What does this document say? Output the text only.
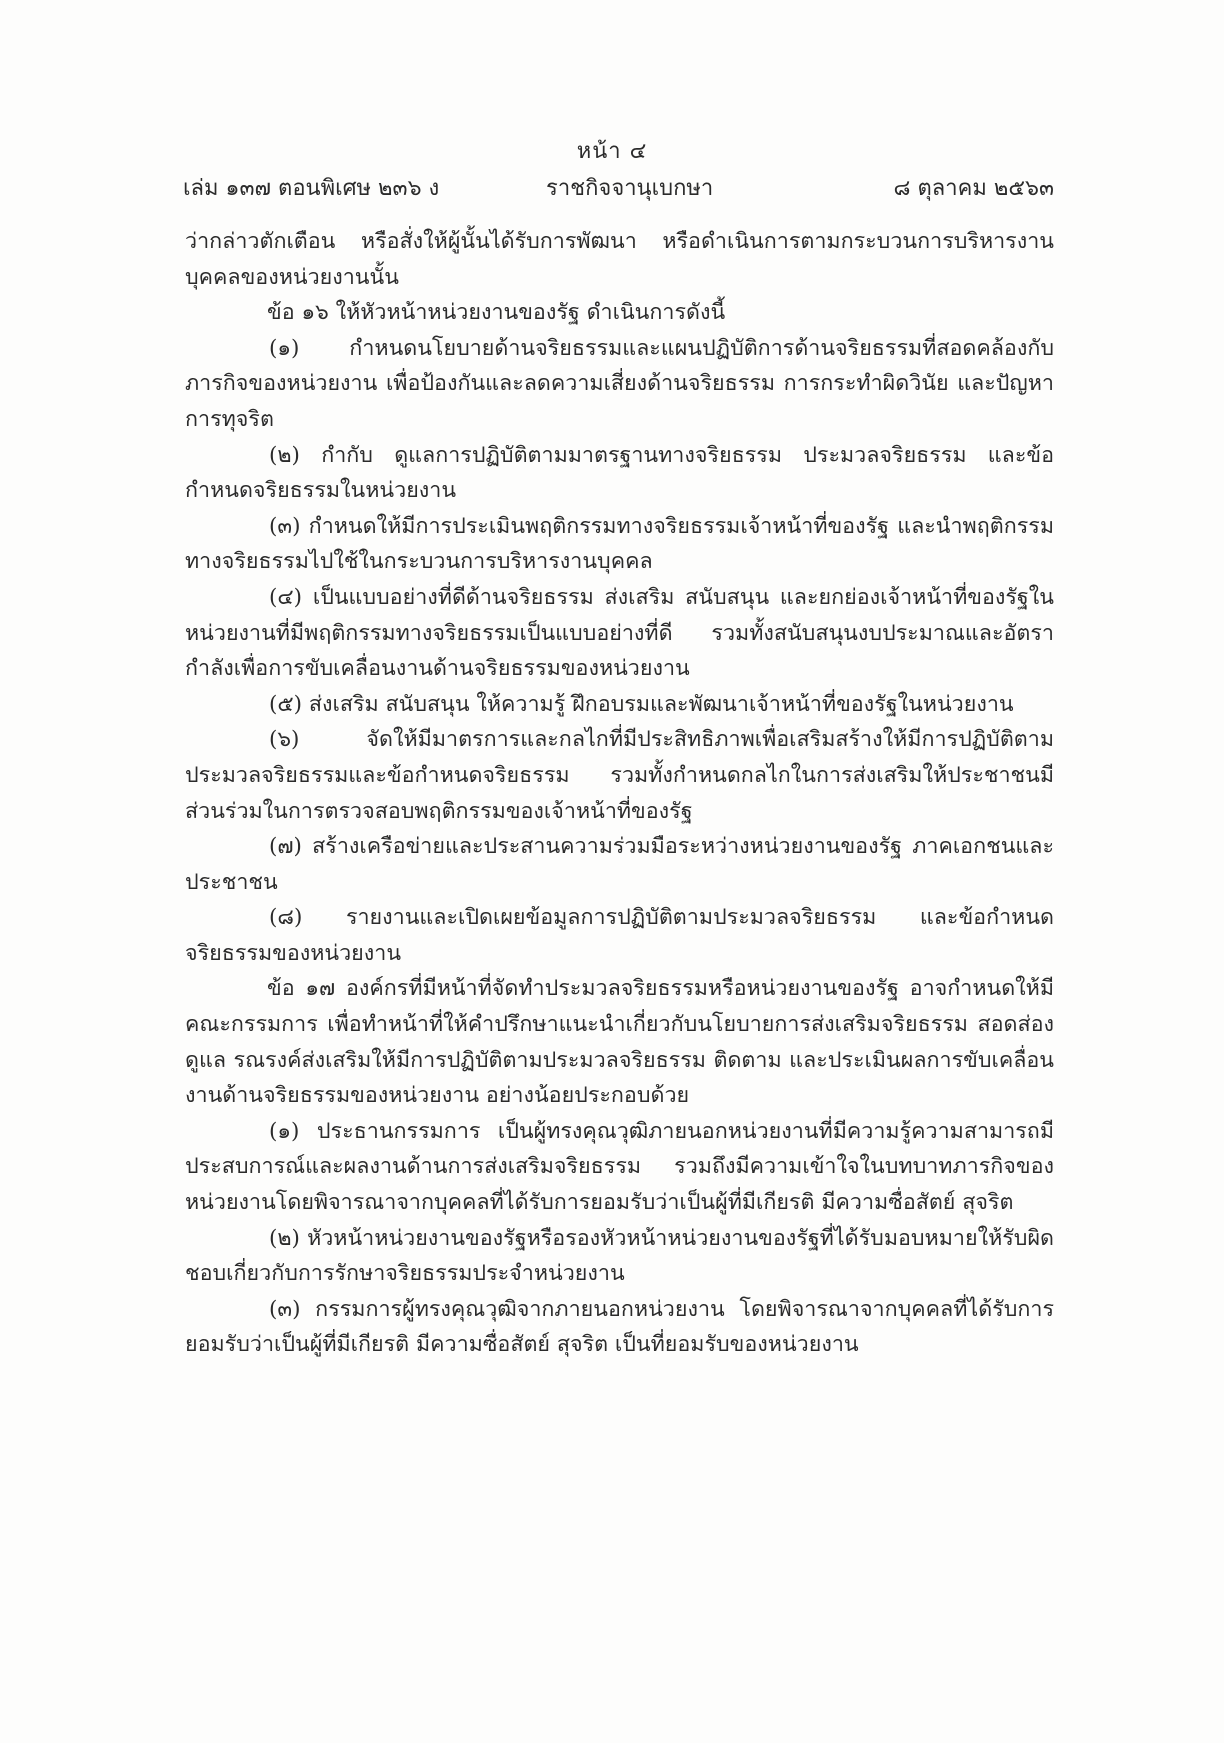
หน้า ๔
เล่ม ๑๓๗ ตอนพิเศษ ๒๓๖ ง	ราชกิจจานุเบกษา	๘ ตุลาคม ๒๕๖๓

ว่ากล่าวตักเตือน หรือสั่งให้ผู้นั้นได้รับการพัฒนา หรือดำเนินการตามกระบวนการบริหารงานบุคคลของหน่วยงานนั้น

ข้อ ๑๖ ให้หัวหน้าหน่วยงานของรัฐ ดำเนินการดังนี้

(๑) กำหนดนโยบายด้านจริยธรรมและแผนปฏิบัติการด้านจริยธรรมที่สอดคล้องกับภารกิจของหน่วยงาน เพื่อป้องกันและลดความเสี่ยงด้านจริยธรรม การกระทำผิดวินัย และปัญหาการทุจริต

(๒) กำกับ ดูแลการปฏิบัติตามมาตรฐานทางจริยธรรม ประมวลจริยธรรม และข้อกำหนดจริยธรรมในหน่วยงาน

(๓) กำหนดให้มีการประเมินพฤติกรรมทางจริยธรรมเจ้าหน้าที่ของรัฐ และนำพฤติกรรมทางจริยธรรมไปใช้ในกระบวนการบริหารงานบุคคล

(๔) เป็นแบบอย่างที่ดีด้านจริยธรรม ส่งเสริม สนับสนุน และยกย่องเจ้าหน้าที่ของรัฐในหน่วยงานที่มีพฤติกรรมทางจริยธรรมเป็นแบบอย่างที่ดี รวมทั้งสนับสนุนงบประมาณและอัตรากำลังเพื่อการขับเคลื่อนงานด้านจริยธรรมของหน่วยงาน

(๕) ส่งเสริม สนับสนุน ให้ความรู้ ฝึกอบรมและพัฒนาเจ้าหน้าที่ของรัฐในหน่วยงาน

(๖) จัดให้มีมาตรการและกลไกที่มีประสิทธิภาพเพื่อเสริมสร้างให้มีการปฏิบัติตามประมวลจริยธรรมและข้อกำหนดจริยธรรม รวมทั้งกำหนดกลไกในการส่งเสริมให้ประชาชนมีส่วนร่วมในการตรวจสอบพฤติกรรมของเจ้าหน้าที่ของรัฐ

(๗) สร้างเครือข่ายและประสานความร่วมมือระหว่างหน่วยงานของรัฐ ภาคเอกชนและประชาชน

(๘) รายงานและเปิดเผยข้อมูลการปฏิบัติตามประมวลจริยธรรม และข้อกำหนดจริยธรรมของหน่วยงาน

ข้อ ๑๗ องค์กรที่มีหน้าที่จัดทำประมวลจริยธรรมหรือหน่วยงานของรัฐ อาจกำหนดให้มีคณะกรรมการ เพื่อทำหน้าที่ให้คำปรึกษาแนะนำเกี่ยวกับนโยบายการส่งเสริมจริยธรรม สอดส่องดูแล รณรงค์ส่งเสริมให้มีการปฏิบัติตามประมวลจริยธรรม ติดตาม และประเมินผลการขับเคลื่อนงานด้านจริยธรรมของหน่วยงาน อย่างน้อยประกอบด้วย

(๑) ประธานกรรมการ เป็นผู้ทรงคุณวุฒิภายนอกหน่วยงานที่มีความรู้ความสามารถมีประสบการณ์และผลงานด้านการส่งเสริมจริยธรรม รวมถึงมีความเข้าใจในบทบาทภารกิจของหน่วยงานโดยพิจารณาจากบุคคลที่ได้รับการยอมรับว่าเป็นผู้ที่มีเกียรติ มีความซื่อสัตย์ สุจริต

(๒) หัวหน้าหน่วยงานของรัฐหรือรองหัวหน้าหน่วยงานของรัฐที่ได้รับมอบหมายให้รับผิดชอบเกี่ยวกับการรักษาจริยธรรมประจำหน่วยงาน

(๓) กรรมการผู้ทรงคุณวุฒิจากภายนอกหน่วยงาน โดยพิจารณาจากบุคคลที่ได้รับการยอมรับว่าเป็นผู้ที่มีเกียรติ มีความซื่อสัตย์ สุจริต เป็นที่ยอมรับของหน่วยงาน
